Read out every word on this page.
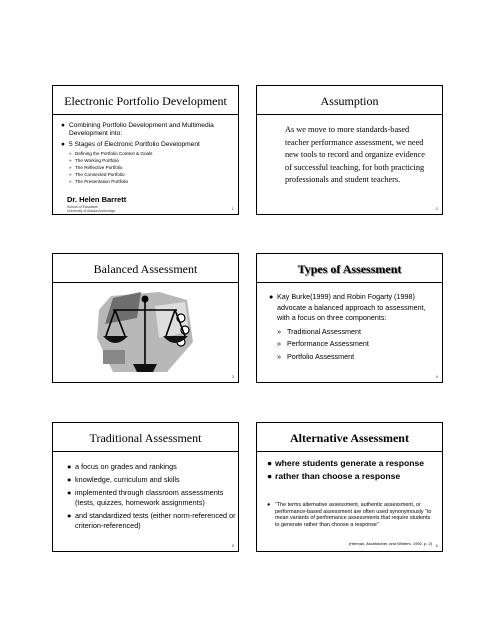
Electronic Portfolio Development
● Combining Portfolio Development and Multimedia Development into:
● 5 Stages of Electronic Portfolio Development
» Defining the Portfolio Context & Goals
» The Working Portfolio
» The Reflective Portfolio
» The Connected Portfolio
» The Presentation Portfolio
Dr. Helen Barrett
School of Education
University of Alaska Anchorage
1
Assumption
As we move to more standards-based teacher performance assessment, we need new tools to record and organize evidence of successful teaching, for both practicing professionals and student teachers.
2
Balanced Assessment
3
Types of Assessment
● Kay Burke(1999) and Robin Fogarty (1998) advocate a balanced approach to assessment, with a focus on three components:
» Traditional Assessment
» Performance Assessment
» Portfolio Assessment
4
Traditional Assessment
● a focus on grades and rankings
● knowledge, curriculum and skills
● implemented through classroom assessments (tests, quizzes, homework assignments)
● and standardized tests (either norm-referenced or criterion-referenced)
5
Alternative Assessment
● where students generate a response
● rather than choose a response
● “The terms alternative assessment, authentic assessment, or performance-based assessment are often used synonymously “to mean variants of performance assessments that require students to generate rather than choose a response”
(Herman, Aschbacher, and Winters, 1992, p. 2) 6
